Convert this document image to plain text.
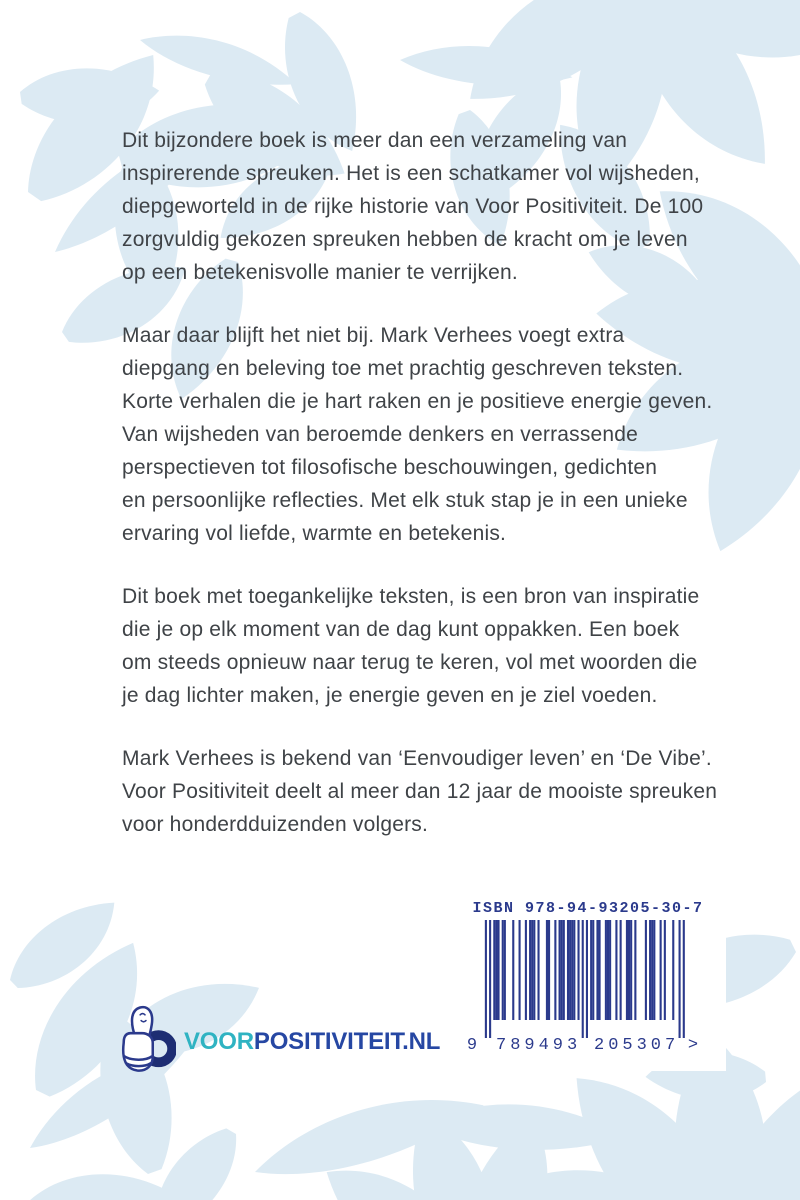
Dit bijzondere boek is meer dan een verzameling van
inspirerende spreuken. Het is een schatkamer vol wijsheden,
diepgeworteld in de rijke historie van Voor Positiviteit. De 100
zorgvuldig gekozen spreuken hebben de kracht om je leven
op een betekenisvolle manier te verrijken.

Maar daar blijft het niet bij. Mark Verhees voegt extra
diepgang en beleving toe met prachtig geschreven teksten.
Korte verhalen die je hart raken en je positieve energie geven.
Van wijsheden van beroemde denkers en verrassende
perspectieven tot filosofische beschouwingen, gedichten
en persoonlijke reflecties. Met elk stuk stap je in een unieke
ervaring vol liefde, warmte en betekenis.

Dit boek met toegankelijke teksten, is een bron van inspiratie
die je op elk moment van de dag kunt oppakken. Een boek
om steeds opnieuw naar terug te keren, vol met woorden die
je dag lichter maken, je energie geven en je ziel voeden.

Mark Verhees is bekend van ‘Eenvoudiger leven’ en ‘De Vibe’.
Voor Positiviteit deelt al meer dan 12 jaar de mooiste spreuken
voor honderdduizenden volgers.

ISBN 978-94-93205-30-7
9 789493 205307 >
VOORPOSITIVITEIT.NL
